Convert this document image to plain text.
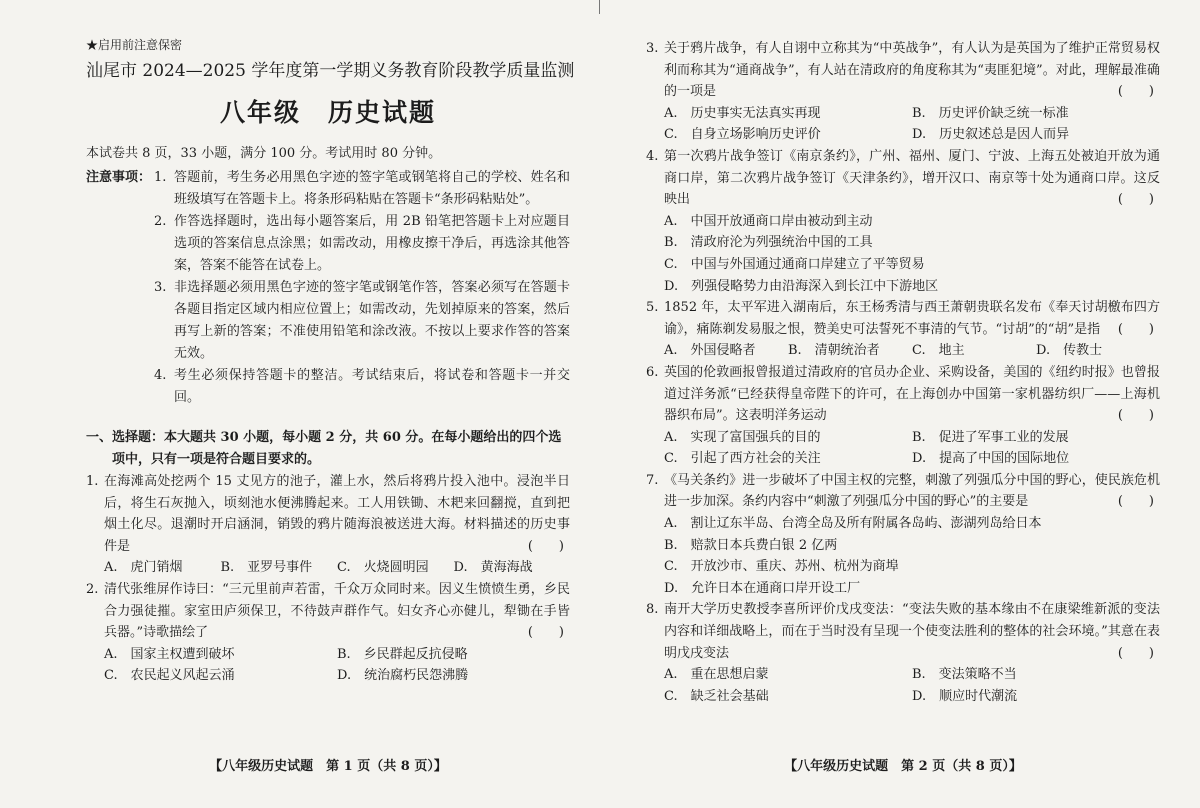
★启用前注意保密

汕尾市 2024—2025 学年度第一学期义务教育阶段教学质量监测

八年级　历史试题

本试卷共 8 页，33 小题，满分 100 分。考试用时 80 分钟。

注意事项： 1. 答题前，考生务必用黑色字迹的签字笔或钢笔将自己的学校、姓名和班级填写在答题卡上。将条形码粘贴在答题卡“条形码粘贴处”。
2. 作答选择题时，选出每小题答案后，用 2B 铅笔把答题卡上对应题目选项的答案信息点涂黑；如需改动，用橡皮擦干净后，再选涂其他答案，答案不能答在试卷上。
3. 非选择题必须用黑色字迹的签字笔或钢笔作答，答案必须写在答题卡各题目指定区域内相应位置上；如需改动，先划掉原来的答案，然后再写上新的答案；不准使用铅笔和涂改液。不按以上要求作答的答案无效。
4. 考生必须保持答题卡的整洁。考试结束后，将试卷和答题卡一并交回。
一、 选择题：本大题共 30 小题，每小题 2 分，共 60 分。在每小题给出的四个选项中，只有一项是符合题目要求的。
1. 在海滩高处挖两个 15 丈见方的池子，灌上水，然后将鸦片投入池中。浸泡半日后，将生石灰抛入，顷刻池水便沸腾起来。工人用铁锄、木耙来回翻搅，直到把烟土化尽。退潮时开启涵洞，销毁的鸦片随海浪被送进大海。材料描述的历史事件是	(　　)
A.　虎门销烟	B.　亚罗号事件	C.　火烧圆明园	D.　黄海海战
2. 清代张维屏作诗曰：“三元里前声若雷，千众万众同时来。因义生愤愤生勇，乡民合力强徒摧。家室田庐须保卫，不待鼓声群作气。妇女齐心亦健儿，犁锄在手皆兵器。”诗歌描绘了	(　　)
A.　国家主权遭到破坏	B.　乡民群起反抗侵略
C.　农民起义风起云涌	D.　统治腐朽民怨沸腾
【八年级历史试题　第 1 页（共 8 页）】
3. 关于鸦片战争，有人自诩中立称其为“中英战争”，有人认为是英国为了维护正常贸易权利而称其为“通商战争”，有人站在清政府的角度称其为“夷匪犯境”。对此，理解最准确的一项是	(　　)
A.　历史事实无法真实再现	B.　历史评价缺乏统一标准
C.　自身立场影响历史评价	D.　历史叙述总是因人而异
4. 第一次鸦片战争签订《南京条约》，广州、福州、厦门、宁波、上海五处被迫开放为通商口岸，第二次鸦片战争签订《天津条约》，增开汉口、南京等十处为通商口岸。这反映出	(　　)
A.　中国开放通商口岸由被动到主动
B.　清政府沦为列强统治中国的工具
C.　中国与外国通过通商口岸建立了平等贸易
D.　列强侵略势力由沿海深入到长江中下游地区
5. 1852 年，太平军进入湖南后，东王杨秀清与西王萧朝贵联名发布《奉天讨胡檄布四方谕》，痛陈剃发易服之恨，赞美史可法誓死不事清的气节。“讨胡”的“胡”是指 (　　)
A.　外国侵略者	B.　清朝统治者	C.　地主	D.　传教士
6. 英国的伦敦画报曾报道过清政府的官员办企业、采购设备，美国的《纽约时报》也曾报道过洋务派“已经获得皇帝陛下的许可，在上海创办中国第一家机器纺织厂——上海机器织布局”。这表明洋务运动	(　　)
A.　实现了富国强兵的目的	B.　促进了军事工业的发展
C.　引起了西方社会的关注	D.　提高了中国的国际地位
7. 《马关条约》进一步破坏了中国主权的完整，刺激了列强瓜分中国的野心，使民族危机进一步加深。条约内容中“刺激了列强瓜分中国的野心”的主要是	(　　)
A.　割让辽东半岛、台湾全岛及所有附属各岛屿、澎湖列岛给日本
B.　赔款日本兵费白银 2 亿两
C.　开放沙市、重庆、苏州、杭州为商埠
D.　允许日本在通商口岸开设工厂
8. 南开大学历史教授李喜所评价戊戌变法：“变法失败的基本缘由不在康梁维新派的变法内容和详细战略上，而在于当时没有呈现一个使变法胜利的整体的社会环境。”其意在表明戊戌变法	(　　)
A.　重在思想启蒙	B.　变法策略不当
C.　缺乏社会基础	D.　顺应时代潮流
【八年级历史试题　第 2 页（共 8 页）】
